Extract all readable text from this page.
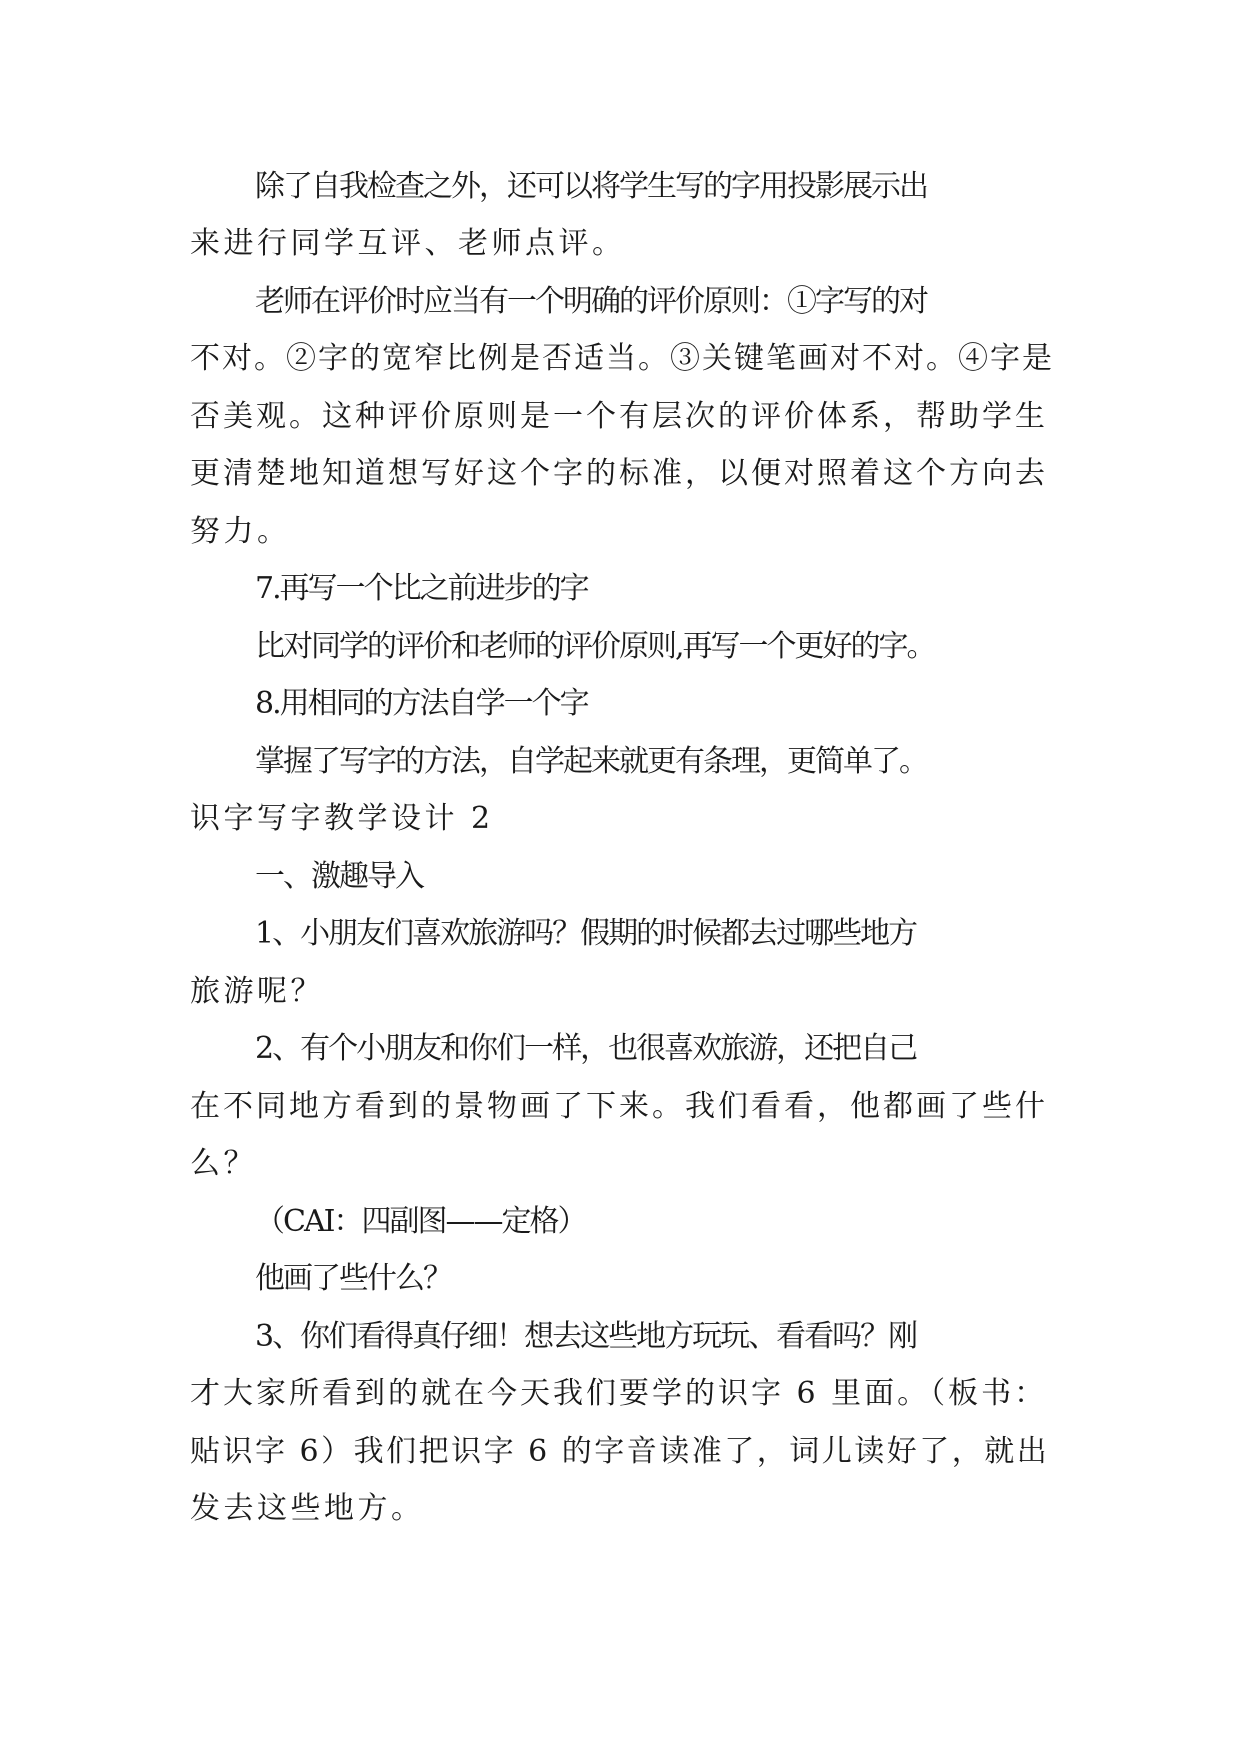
除了自我检查之外，还可以将学生写的字用投影展示出
来进行同学互评、老师点评。
老师在评价时应当有一个明确的评价原则：①字写的对
不对。②字的宽窄比例是否适当。③关键笔画对不对。④字是
否美观。这种评价原则是一个有层次的评价体系，帮助学生
更清楚地知道想写好这个字的标准，以便对照着这个方向去
努力。
7.再写一个比之前进步的字
比对同学的评价和老师的评价原则,再写一个更好的字。
8.用相同的方法自学一个字
掌握了写字的方法，自学起来就更有条理，更简单了。
识字写字教学设计 2
一、激趣导入
1、小朋友们喜欢旅游吗？假期的时候都去过哪些地方
旅游呢？
2、有个小朋友和你们一样，也很喜欢旅游，还把自己
在不同地方看到的景物画了下来。我们看看，他都画了些什
么？
（CAI：四副图——定格）
他画了些什么？
3、你们看得真仔细！想去这些地方玩玩、看看吗？刚
才大家所看到的就在今天我们要学的识字 6 里面。（板书：
贴识字 6）我们把识字 6 的字音读准了，词儿读好了，就出
发去这些地方。
